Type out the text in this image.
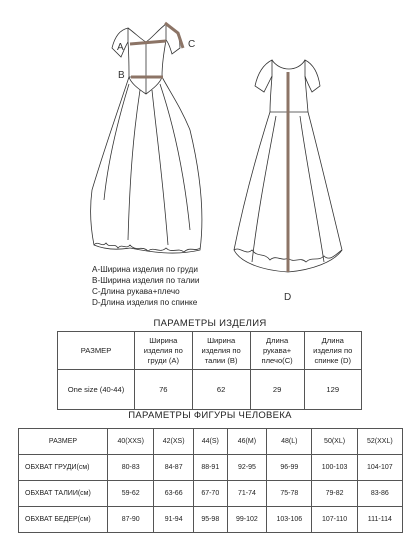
A
B
C
D
A-Ширина изделия по груди
B-Ширина изделия по талии
C-Длина рукава+плечо
D-Длина изделия по спинке
ПАРАМЕТРЫ ИЗДЕЛИЯ
РАЗМЕР	Ширина изделия по груди (A)	Ширина изделия по талии (B)	Длина рукава+ плечо(C)	Длина изделия по спинке (D)
One size (40-44)	76	62	29	129
ПАРАМЕТРЫ ФИГУРЫ ЧЕЛОВЕКА
РАЗМЕР	40(XXS)	42(XS)	44(S)	46(M)	48(L)	50(XL)	52(XXL)
ОБХВАТ ГРУДИ(см)	80-83	84-87	88-91	92-95	96-99	100-103	104-107
ОБХВАТ ТАЛИИ(см)	59-62	63-66	67-70	71-74	75-78	79-82	83-86
ОБХВАТ БЕДЕР(см)	87-90	91-94	95-98	99-102	103-106	107-110	111-114
